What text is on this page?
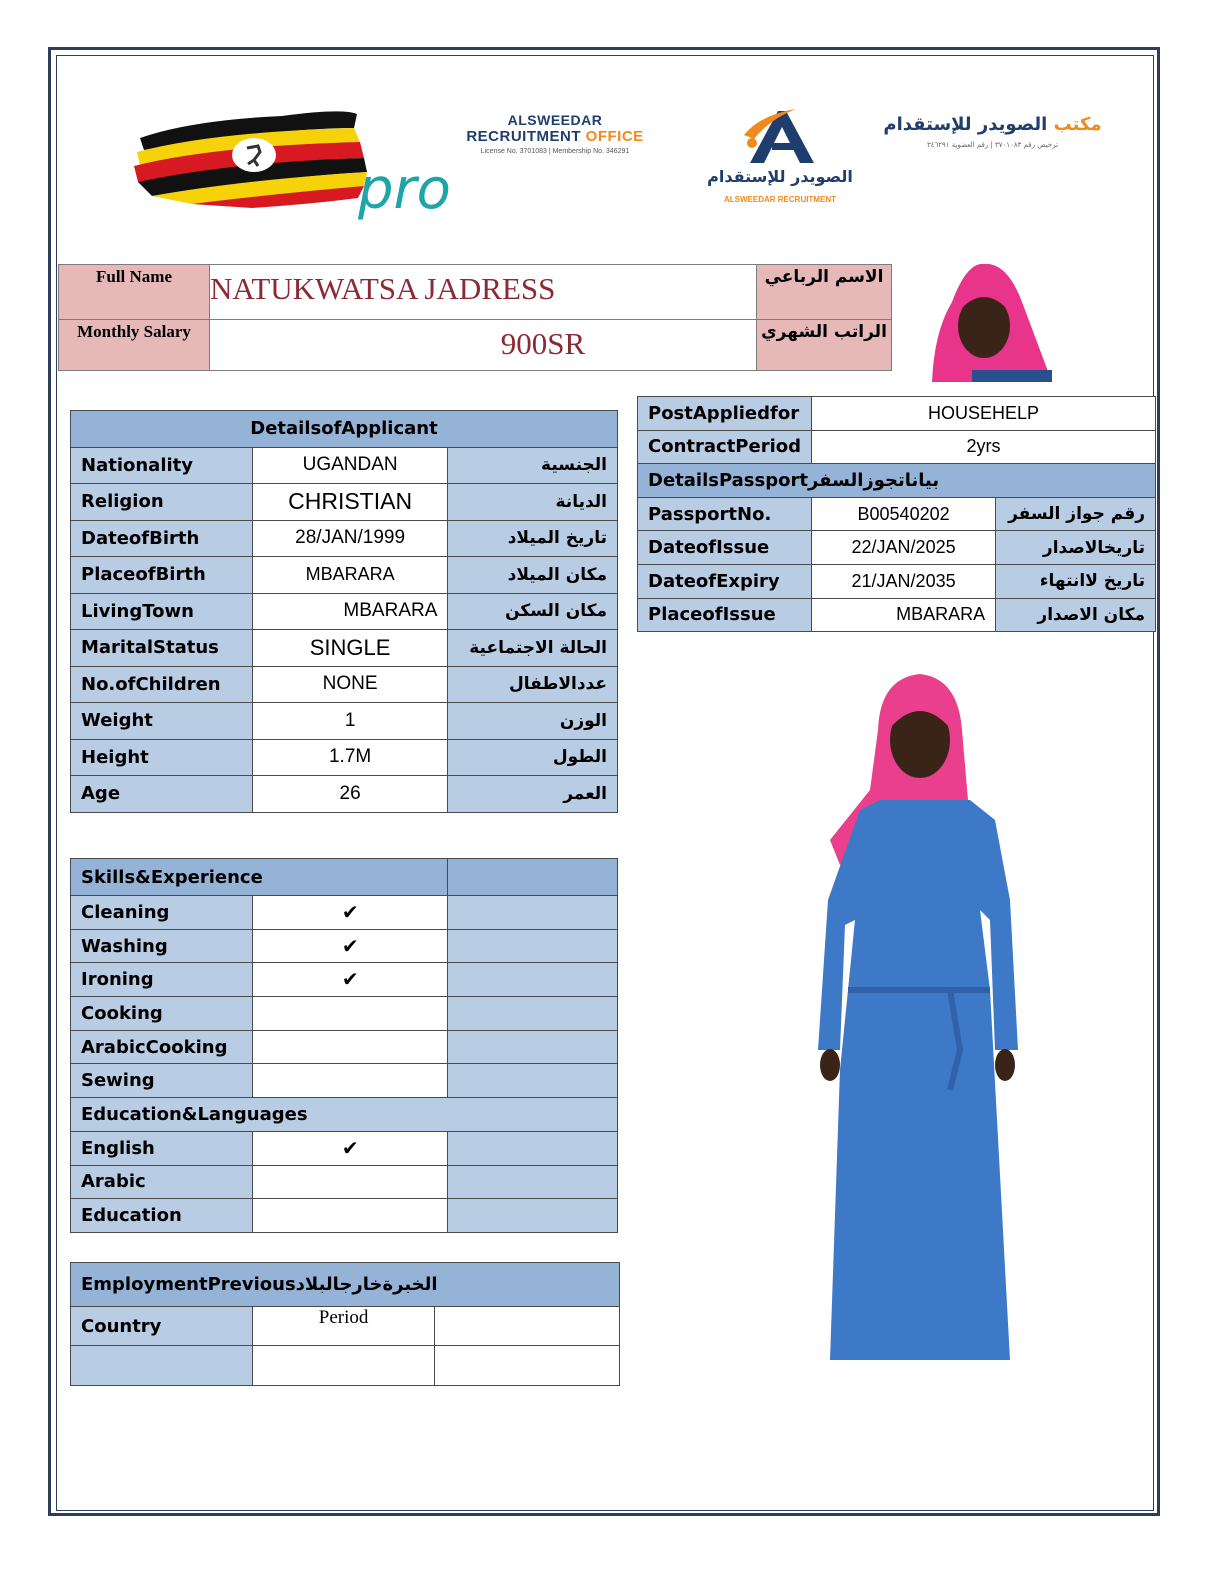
pro
ALSWEEDAR
RECRUITMENT OFFICE
License No. 3701083 | Membership No. 346291
الصويدر للإستقدام
ALSWEEDAR RECRUITMENT
مكتب الصويدر للإستقدام
ترخيص رقم ٣٧٠١٠٨٣ | رقم العضوية ٣٤٦٢٩١
Full Name	NATUKWATSA JADRESS	الاسم الرباعي
Monthly Salary	900SR	الراتب الشهري
DetailsofApplicant		
Nationality	UGANDAN	الجنسية
Religion	CHRISTIAN	الديانة
DateofBirth	28/JAN/1999	تاريخ الميلاد
PlaceofBirth	MBARARA	مكان الميلاد
LivingTown	MBARARA	مكان السكن
MaritalStatus	SINGLE	الحالة الاجتماعية
No.ofChildren	NONE	عددالاطفال
Weight	1	الوزن
Height	1.7M	الطول
Age	26	العمر
Skills&Experience		
Cleaning	✔	
Washing	✔	
Ironing	✔	
Cooking		
ArabicCooking		
Sewing		
Education&Languages		
English	✔	
Arabic		
Education		
EmploymentPreviousالخبرةخارجالبلاد		
Country	Period	

PostAppliedfor	HOUSEHELP	
ContractPeriod	2yrs	
DetailsPassportبياناتجوزالسفر		
PassportNo.	B00540202	رقم جواز السفر
DateofIssue	22/JAN/2025	تاريخالاصدار
DateofExpiry	21/JAN/2035	تاريخ لاانتهاء
PlaceofIssue	MBARARA	مكان الاصدار
